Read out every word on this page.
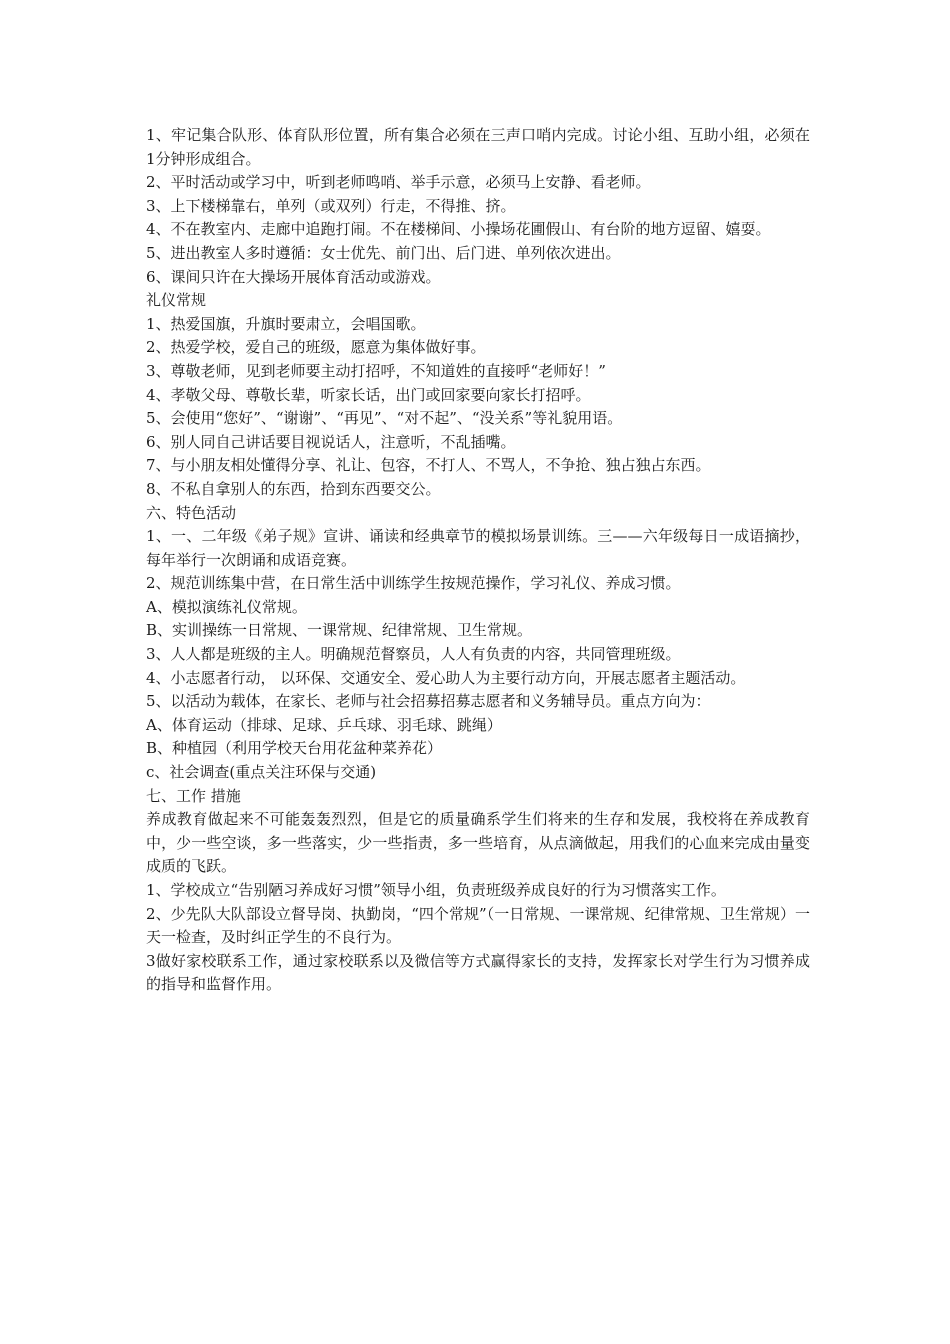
1、牢记集合队形、体育队形位置，所有集合必须在三声口哨内完成。讨论小组、互助小组，必须在1分钟形成组合。

2、平时活动或学习中，听到老师鸣哨、举手示意，必须马上安静、看老师。

3、上下楼梯靠右，单列（或双列）行走，不得推、挤。

4、不在教室内、走廊中追跑打闹。不在楼梯间、小操场花圃假山、有台阶的地方逗留、嬉耍。

5、进出教室人多时遵循：女士优先、前门出、后门进、单列依次进出。

6、课间只许在大操场开展体育活动或游戏。

礼仪常规

1、热爱国旗，升旗时要肃立，会唱国歌。

2、热爱学校，爱自己的班级，愿意为集体做好事。

3、尊敬老师，见到老师要主动打招呼，不知道姓的直接呼“老师好！”

4、孝敬父母、尊敬长辈，听家长话，出门或回家要向家长打招呼。

5、会使用“您好”、“谢谢”、“再见”、“对不起”、“没关系”等礼貌用语。

6、别人同自己讲话要目视说话人，注意听，不乱插嘴。

7、与小朋友相处懂得分享、礼让、包容，不打人、不骂人，不争抢、独占独占东西。

8、不私自拿别人的东西，拾到东西要交公。

六、特色活动

1、一、二年级《弟子规》宣讲、诵读和经典章节的模拟场景训练。三——六年级每日一成语摘抄，每年举行一次朗诵和成语竞赛。

2、规范训练集中营，在日常生活中训练学生按规范操作，学习礼仪、养成习惯。

A、模拟演练礼仪常规。

B、实训操练一日常规、一课常规、纪律常规、卫生常规。

3、人人都是班级的主人。明确规范督察员，人人有负责的内容，共同管理班级。

4、小志愿者行动， 以环保、交通安全、爱心助人为主要行动方向，开展志愿者主题活动。

5、以活动为载体，在家长、老师与社会招募招募志愿者和义务辅导员。重点方向为：

A、体育运动（排球、足球、乒乓球、羽毛球、跳绳）

B、种植园（利用学校天台用花盆种菜养花）

c、社会调查(重点关注环保与交通)

七、工作 措施

养成教育做起来不可能轰轰烈烈，但是它的质量确系学生们将来的生存和发展，我校将在养成教育中，少一些空谈，多一些落实，少一些指责，多一些培育，从点滴做起，用我们的心血来完成由量变成质的飞跃。

1、学校成立“告别陋习养成好习惯”领导小组，负责班级养成良好的行为习惯落实工作。

2、少先队大队部设立督导岗、执勤岗，“四个常规”（一日常规、一课常规、纪律常规、卫生常规）一天一检查，及时纠正学生的不良行为。

3做好家校联系工作，通过家校联系以及微信等方式赢得家长的支持，发挥家长对学生行为习惯养成的指导和监督作用。
